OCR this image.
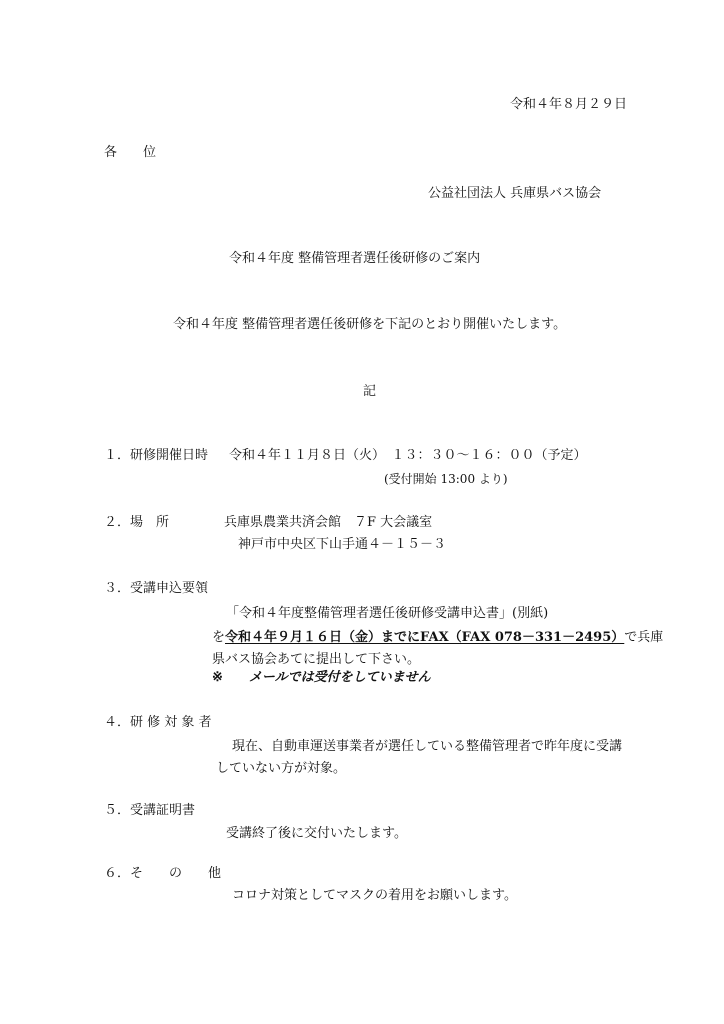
令和４年８月２９日
各　　位
公益社団法人 兵庫県バス協会
令和４年度 整備管理者選任後研修のご案内
令和４年度 整備管理者選任後研修を下記のとおり開催いたします。
記
１．研修開催日時 令和４年１１月８日（火）　１３：３０～１６：００（予定）
(受付開始 13:00 より)
２．場　所	兵庫県農業共済会館　７F 大会議室
神戸市中央区下山手通４－１５－３
３．受講申込要領
「令和４年度整備管理者選任後研修受講申込書」(別紙)
を令和４年９月１６日（金）までにFAX（FAX 078－331－2495）で兵庫
県バス協会あてに提出して下さい。
※ メールでは受付をしていません
４．研 修 対 象 者
現在、自動車運送事業者が選任している整備管理者で昨年度に受講
していない方が対象。
５．受講証明書
受講終了後に交付いたします。
６．そ　　の　　他
コロナ対策としてマスクの着用をお願いします。
